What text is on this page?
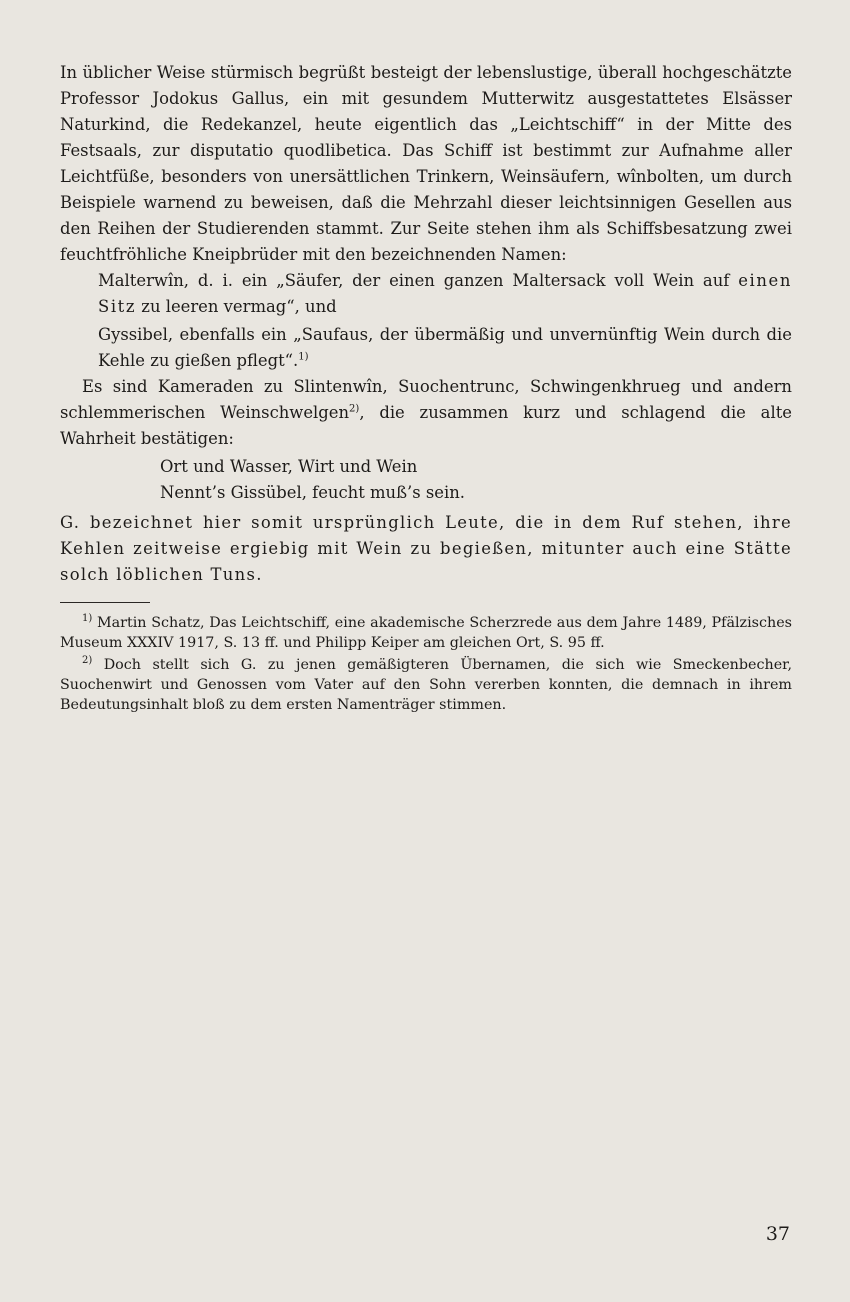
In üblicher Weise stürmisch begrüßt besteigt der lebenslustige, überall hochgeschätzte Professor Jodokus Gallus, ein mit gesundem Mutterwitz ausgestattetes Elsässer Naturkind, die Redekanzel, heute eigentlich das „Leichtschiff“ in der Mitte des Festsaals, zur disputatio quodlibetica. Das Schiff ist bestimmt zur Aufnahme aller Leichtfüße, besonders von unersättlichen Trinkern, Weinsäufern, wînbolten, um durch Beispiele warnend zu beweisen, daß die Mehrzahl dieser leichtsinnigen Gesellen aus den Reihen der Studierenden stammt. Zur Seite stehen ihm als Schiffsbesatzung zwei feuchtfröhliche Kneipbrüder mit den bezeichnenden Namen:

Malterwîn, d. i. ein „Säufer, der einen ganzen Maltersack voll Wein auf einen Sitz zu leeren vermag“, und

Gyssibel, ebenfalls ein „Saufaus, der übermäßig und unvernünftig Wein durch die Kehle zu gießen pflegt“.$^{1)}$

Es sind Kameraden zu Slintenwîn, Suochentrunc, Schwingenkhrueg und andern schlemmerischen Weinschwelgen$^{2)}$, die zusammen kurz und schlagend die alte Wahrheit bestätigen:

Ort und Wasser, Wirt und Wein

Nennt’s Gissübel, feucht muß’s sein.

G. bezeichnet hier somit ursprünglich Leute, die in dem Ruf stehen, ihre Kehlen zeitweise ergiebig mit Wein zu begießen, mitunter auch eine Stätte solch löblichen Tuns.

$^{1)}$ Martin Schatz, Das Leichtschiff, eine akademische Scherzrede aus dem Jahre 1489, Pfälzisches Museum XXXIV 1917, S. 13 ff. und Philipp Keiper am gleichen Ort, S. 95 ff.

$^{2)}$ Doch stellt sich G. zu jenen gemäßigteren Übernamen, die sich wie Smeckenbecher, Suochenwirt und Genossen vom Vater auf den Sohn vererben konnten, die demnach in ihrem Bedeutungsinhalt bloß zu dem ersten Namenträger stimmen.

37
